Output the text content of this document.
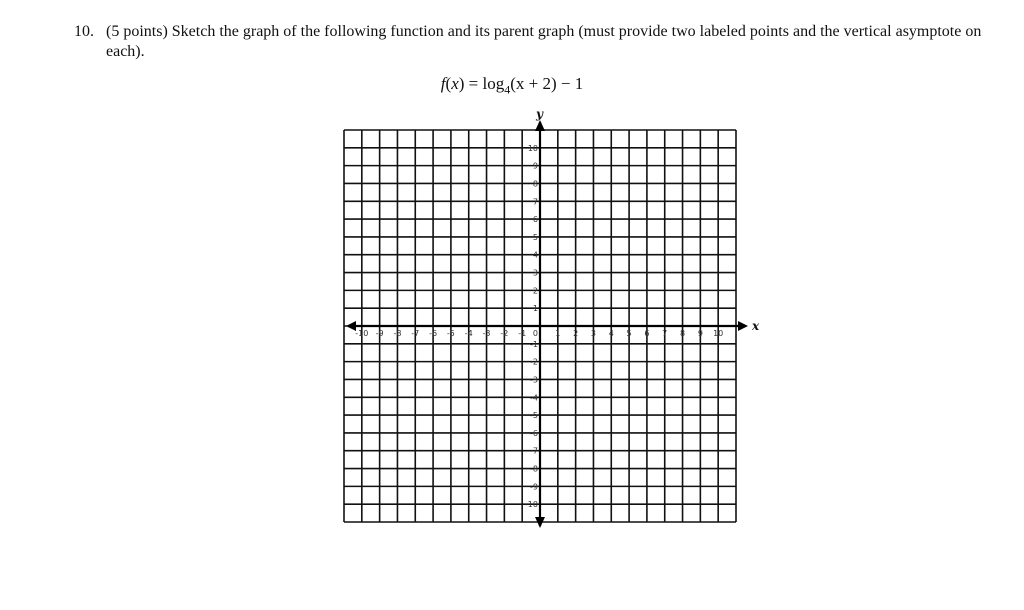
10. (5 points) Sketch the graph of the following function and its parent graph (must provide two labeled points and the vertical asymptote on each).
$f(x) = \log_4(x + 2) - 1$
x
y
-10 -9 -8 -7 -6 -5 -4 -3 -2 -1	1 2 3 4 5 6 7 8 9 10
10
9
8
7
6
5
4
3
2
1
-1
-2
-3
-4
-5
-6
-7
-8
-9
-10
0
